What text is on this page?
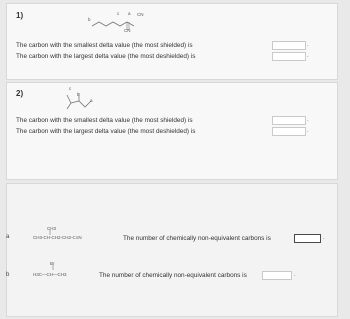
1)	b
c a CN
CN
The carbon with the smallest delta value (the most shielded) is	.
The carbon with the largest delta value (the most deshielded) is	.
2)
c
b
a
The carbon with the smallest delta value (the most shielded) is	.
The carbon with the largest delta value (the most deshielded) is	.
a
CH3
CH3-CH-CH2-CH2-C≡N	The number of chemically non-equivalent carbons is	.
b
Br
H3C—CH—CH3	The number of chemically non-equivalent carbons is	.
